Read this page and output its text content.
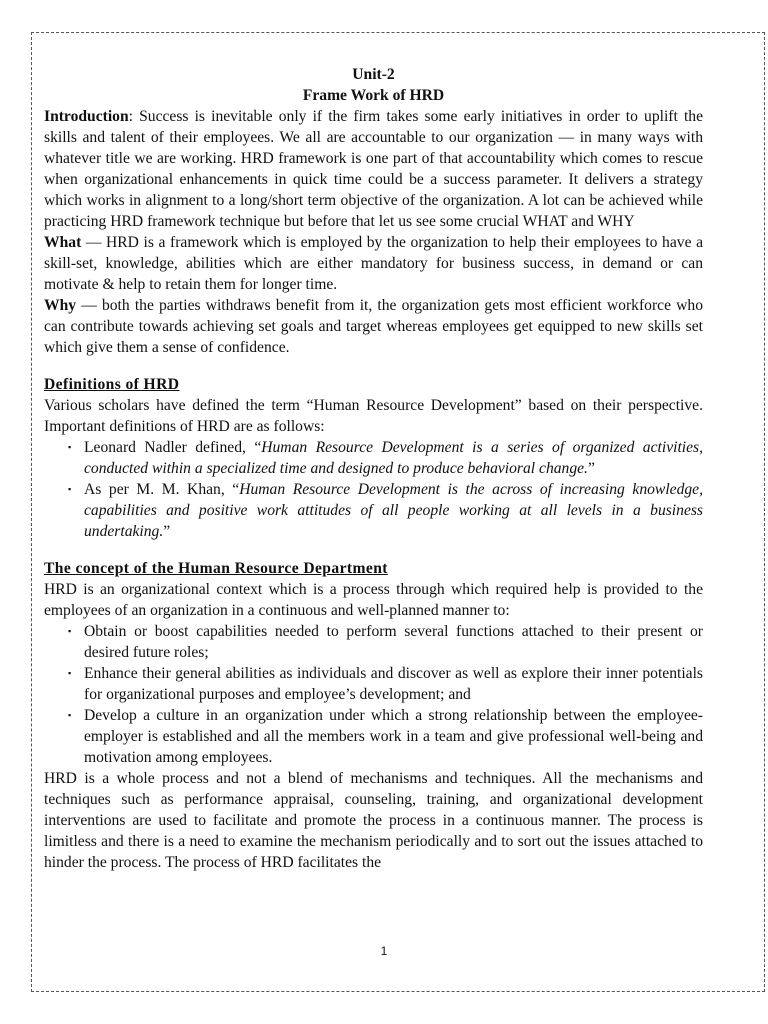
Unit-2
Frame Work of HRD

Introduction: Success is inevitable only if the firm takes some early initiatives in order to uplift the skills and talent of their employees. We all are accountable to our organization — in many ways with whatever title we are working. HRD framework is one part of that accountability which comes to rescue when organizational enhancements in quick time could be a success parameter. It delivers a strategy which works in alignment to a long/short term objective of the organization. A lot can be achieved while practicing HRD framework technique but before that let us see some crucial WHAT and WHY

What — HRD is a framework which is employed by the organization to help their employees to have a skill-set, knowledge, abilities which are either mandatory for business success, in demand or can motivate & help to retain them for longer time.

Why — both the parties withdraws benefit from it, the organization gets most efficient workforce who can contribute towards achieving set goals and target whereas employees get equipped to new skills set which give them a sense of confidence.

Definitions of HRD

Various scholars have defined the term “Human Resource Development” based on their perspective. Important definitions of HRD are as follows:

▪ Leonard Nadler defined, “Human Resource Development is a series of organized activities, conducted within a specialized time and designed to produce behavioral change.”
▪ As per M. M. Khan, “Human Resource Development is the across of increasing knowledge, capabilities and positive work attitudes of all people working at all levels in a business undertaking.”
The concept of the Human Resource Department

HRD is an organizational context which is a process through which required help is provided to the employees of an organization in a continuous and well-planned manner to:

▪ Obtain or boost capabilities needed to perform several functions attached to their present or desired future roles;
▪ Enhance their general abilities as individuals and discover as well as explore their inner potentials for organizational purposes and employee’s development; and
▪ Develop a culture in an organization under which a strong relationship between the employee-employer is established and all the members work in a team and give professional well-being and motivation among employees.

HRD is a whole process and not a blend of mechanisms and techniques. All the mechanisms and techniques such as performance appraisal, counseling, training, and organizational development interventions are used to facilitate and promote the process in a continuous manner. The process is limitless and there is a need to examine the mechanism periodically and to sort out the issues attached to hinder the process. The process of HRD facilitates the

1
